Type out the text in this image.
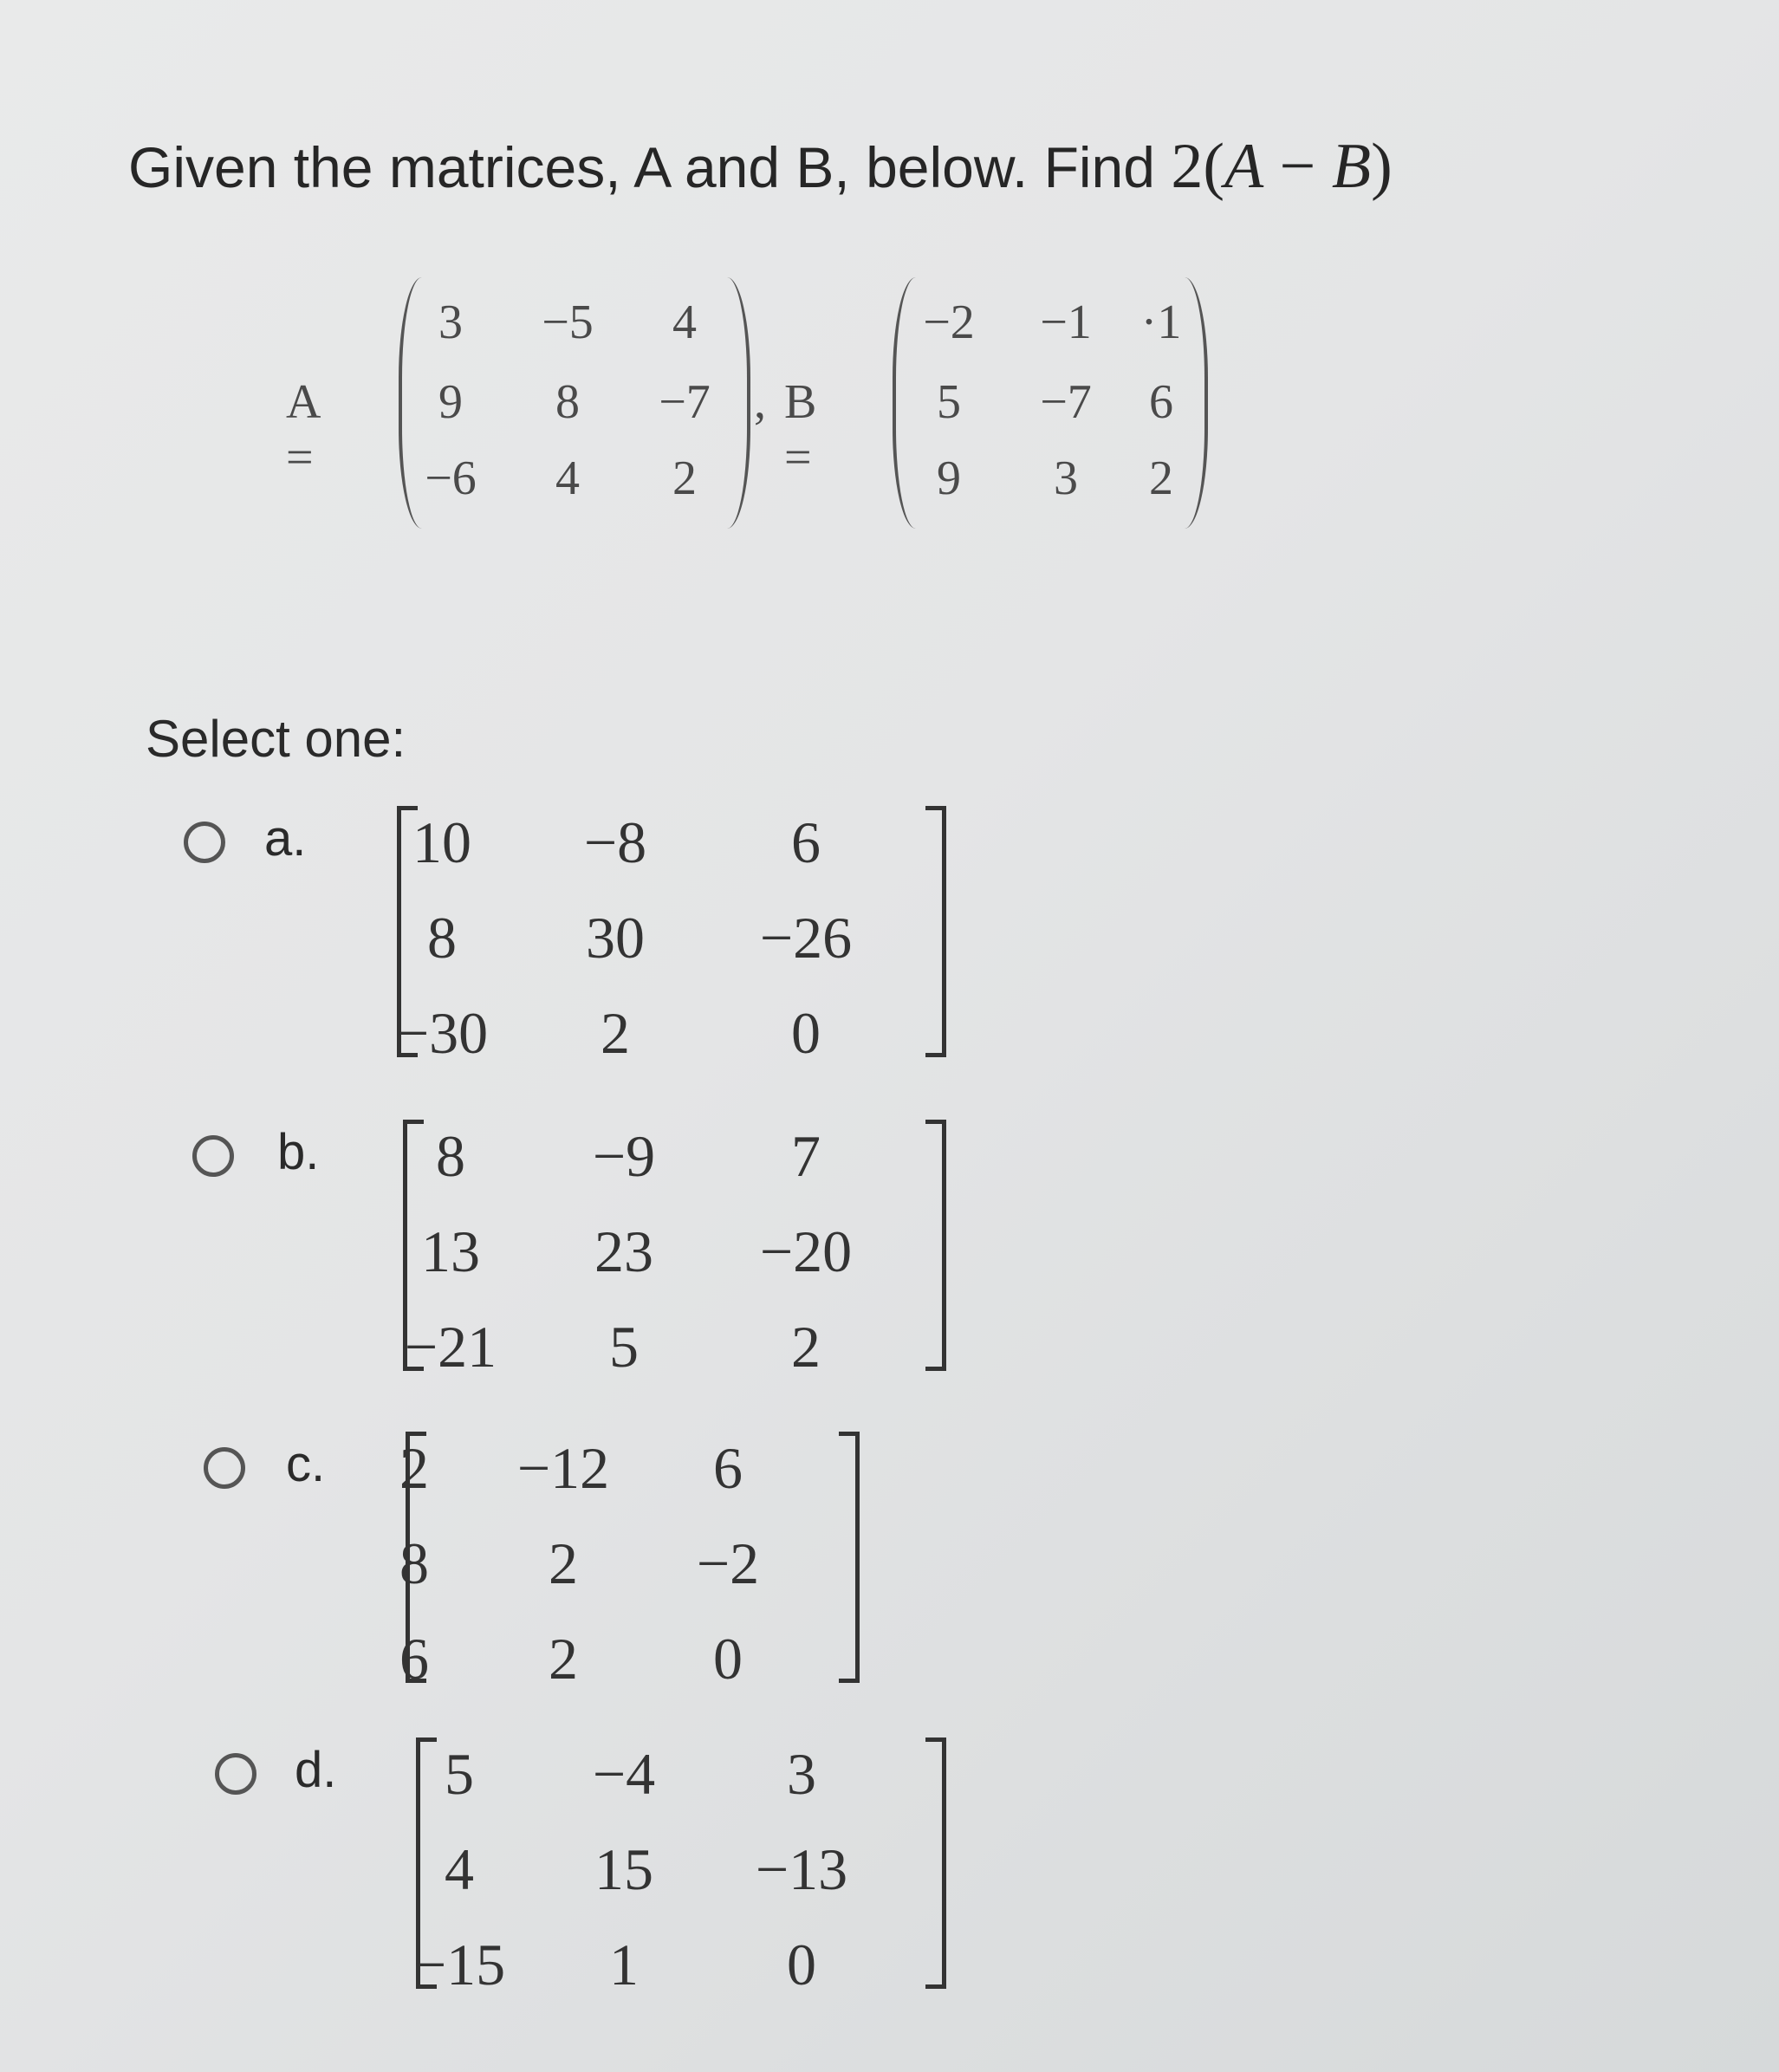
Given the matrices, A and B, below. Find 2(A − B)
A =
3	−5	4
9	8	−7
−6	4	2
, B =
−2	−1	·1
5	−7	6
9	3	2
Select one:
a.	10	−8	6
8	30	−26
−30	2	0
b.	8	−9	7
13	23	−20
−21	5	2
c.	2	−12	6
8	2	−2
6	2	0
d.	5	−4	3
4	15	−13
−15	1	0
